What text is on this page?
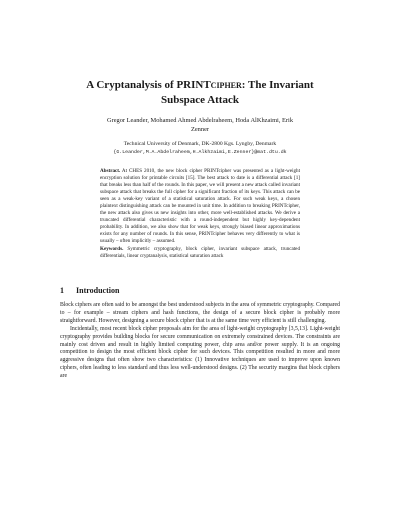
A Cryptanalysis of PRINTcipher: The Invariant
Subspace Attack
Gregor Leander, Mohamed Ahmed Abdelraheem, Hoda AlKhzaimi, Erik
Zenner
Technical University of Denmark, DK-2800 Kgs. Lyngby, Denmark
{G.Leander,M.A.Abdelraheem,H.Alkhzaimi,E.Zenner}@mat.dtu.dk

Abstract. At CHES 2010, the new block cipher PRINTcipher was presented as a light-weight encryption solution for printable circuits [15]. The best attack to date is a differential attack [1] that breaks less than half of the rounds. In this paper, we will present a new attack called invariant subspace attack that breaks the full cipher for a significant fraction of its keys. This attack can be seen as a weak-key variant of a statistical saturation attack. For such weak keys, a chosen plaintext distinguishing attack can be mounted in unit time. In addition to breaking PRINTcipher, the new attack also gives us new insights into other, more well-established attacks. We derive a truncated differential characteristic with a round-independent but highly key-dependent probability. In addition, we also show that for weak keys, strongly biased linear approximations exists for any number of rounds. In this sense, PRINTcipher behaves very differently to what is usually – often implicitly – assumed.

Keywords. Symmetric cryptography, block cipher, invariant subspace attack, truncated differentials, linear cryptanalysis, statistical saturation attack

1 Introduction

Block ciphers are often said to be amongst the best understood subjects in the area of symmetric cryptography. Compared to – for example – stream ciphers and hash functions, the design of a secure block cipher is probably more straightforward. However, designing a secure block cipher that is at the same time very efficient is still challenging.

Incidentally, most recent block cipher proposals aim for the area of light-weight cryptography [3,5,13]. Light-weight cryptography provides building blocks for secure communication on extremely constrained devices. The constraints are mainly cost driven and result in highly limited computing power, chip area and/or power supply. It is an ongoing competition to design the most efficient block cipher for such devices. This competition resulted in more and more aggressive designs that often show two characteristics: (1) Innovative techniques are used to improve upon known ciphers, often leading to less standard and thus less well-understood designs. (2) The security margins that block ciphers are
